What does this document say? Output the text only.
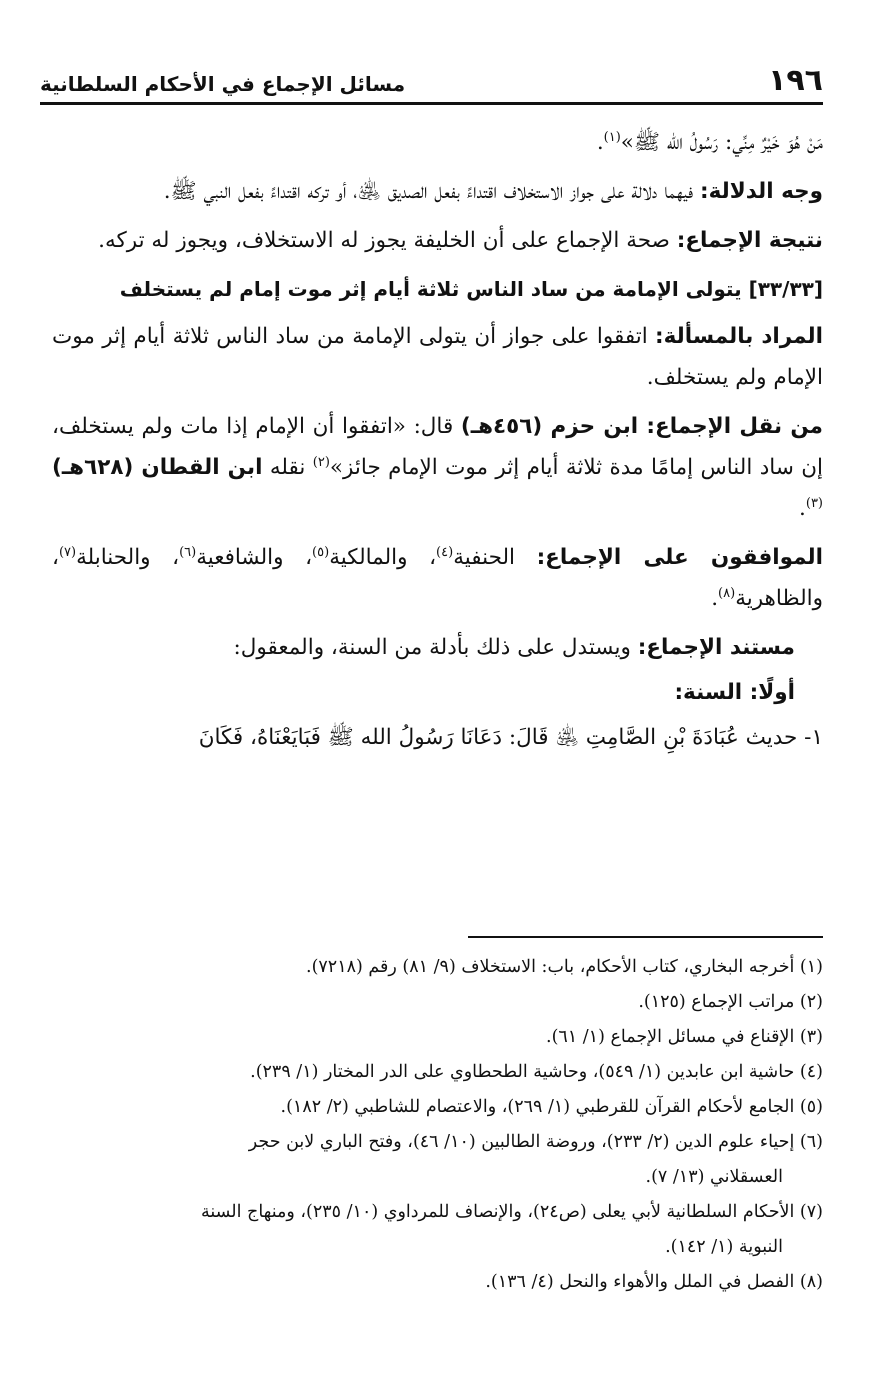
١٩٦
مسائل الإجماع في الأحكام السلطانية

مَنْ هُوَ خَيْرٌ مِنِّي: رَسُولُ الله ﷺ»$^{(١)}$.

وجه الدلالة: فيهما دلالة على جواز الاستخلاف اقتداءً بفعل الصديق ﵁، أو تركه اقتداءً بفعل النبي ﷺ.

نتيجة الإجماع: صحة الإجماع على أن الخليفة يجوز له الاستخلاف، ويجوز له تركه.

[٣٣/٣٣] يتولى الإمامة من ساد الناس ثلاثة أيام إثر موت إمام لم يستخلف

المراد بالمسألة: اتفقوا على جواز أن يتولى الإمامة من ساد الناس ثلاثة أيام إثر موت الإمام ولم يستخلف.

من نقل الإجماع: ابن حزم (٤٥٦هـ) قال: «اتفقوا أن الإمام إذا مات ولم يستخلف، إن ساد الناس إمامًا مدة ثلاثة أيام إثر موت الإمام جائز»$^{(٢)}$ نقله ابن القطان (٦٢٨هـ)$^{(٣)}$.

الموافقون على الإجماع: الحنفية$^{(٤)}$، والمالكية$^{(٥)}$، والشافعية$^{(٦)}$، والحنابلة$^{(٧)}$، والظاهرية$^{(٨)}$.

مستند الإجماع: ويستدل على ذلك بأدلة من السنة، والمعقول:

أولًا: السنة:

١- حديث عُبَادَةَ بْنِ الصَّامِتِ ﵁ قَالَ: دَعَانَا رَسُولُ الله ﷺ فَبَايَعْنَاهُ، فَكَانَ

(١) أخرجه البخاري، كتاب الأحكام، باب: الاستخلاف (٩/ ٨١) رقم (٧٢١٨).

(٢) مراتب الإجماع (١٢٥).

(٣) الإقناع في مسائل الإجماع (١/ ٦١).

(٤) حاشية ابن عابدين (١/ ٥٤٩)، وحاشية الطحطاوي على الدر المختار (١/ ٢٣٩).

(٥) الجامع لأحكام القرآن للقرطبي (١/ ٢٦٩)، والاعتصام للشاطبي (٢/ ١٨٢).

(٦) إحياء علوم الدين (٢/ ٢٣٣)، وروضة الطالبين (١٠/ ٤٦)، وفتح الباري لابن حجر
العسقلاني (١٣/ ٧).

(٧) الأحكام السلطانية لأبي يعلى (ص٢٤)، والإنصاف للمرداوي (١٠/ ٢٣٥)، ومنهاج السنة
النبوية (١/ ١٤٢).

(٨) الفصل في الملل والأهواء والنحل (٤/ ١٣٦).
